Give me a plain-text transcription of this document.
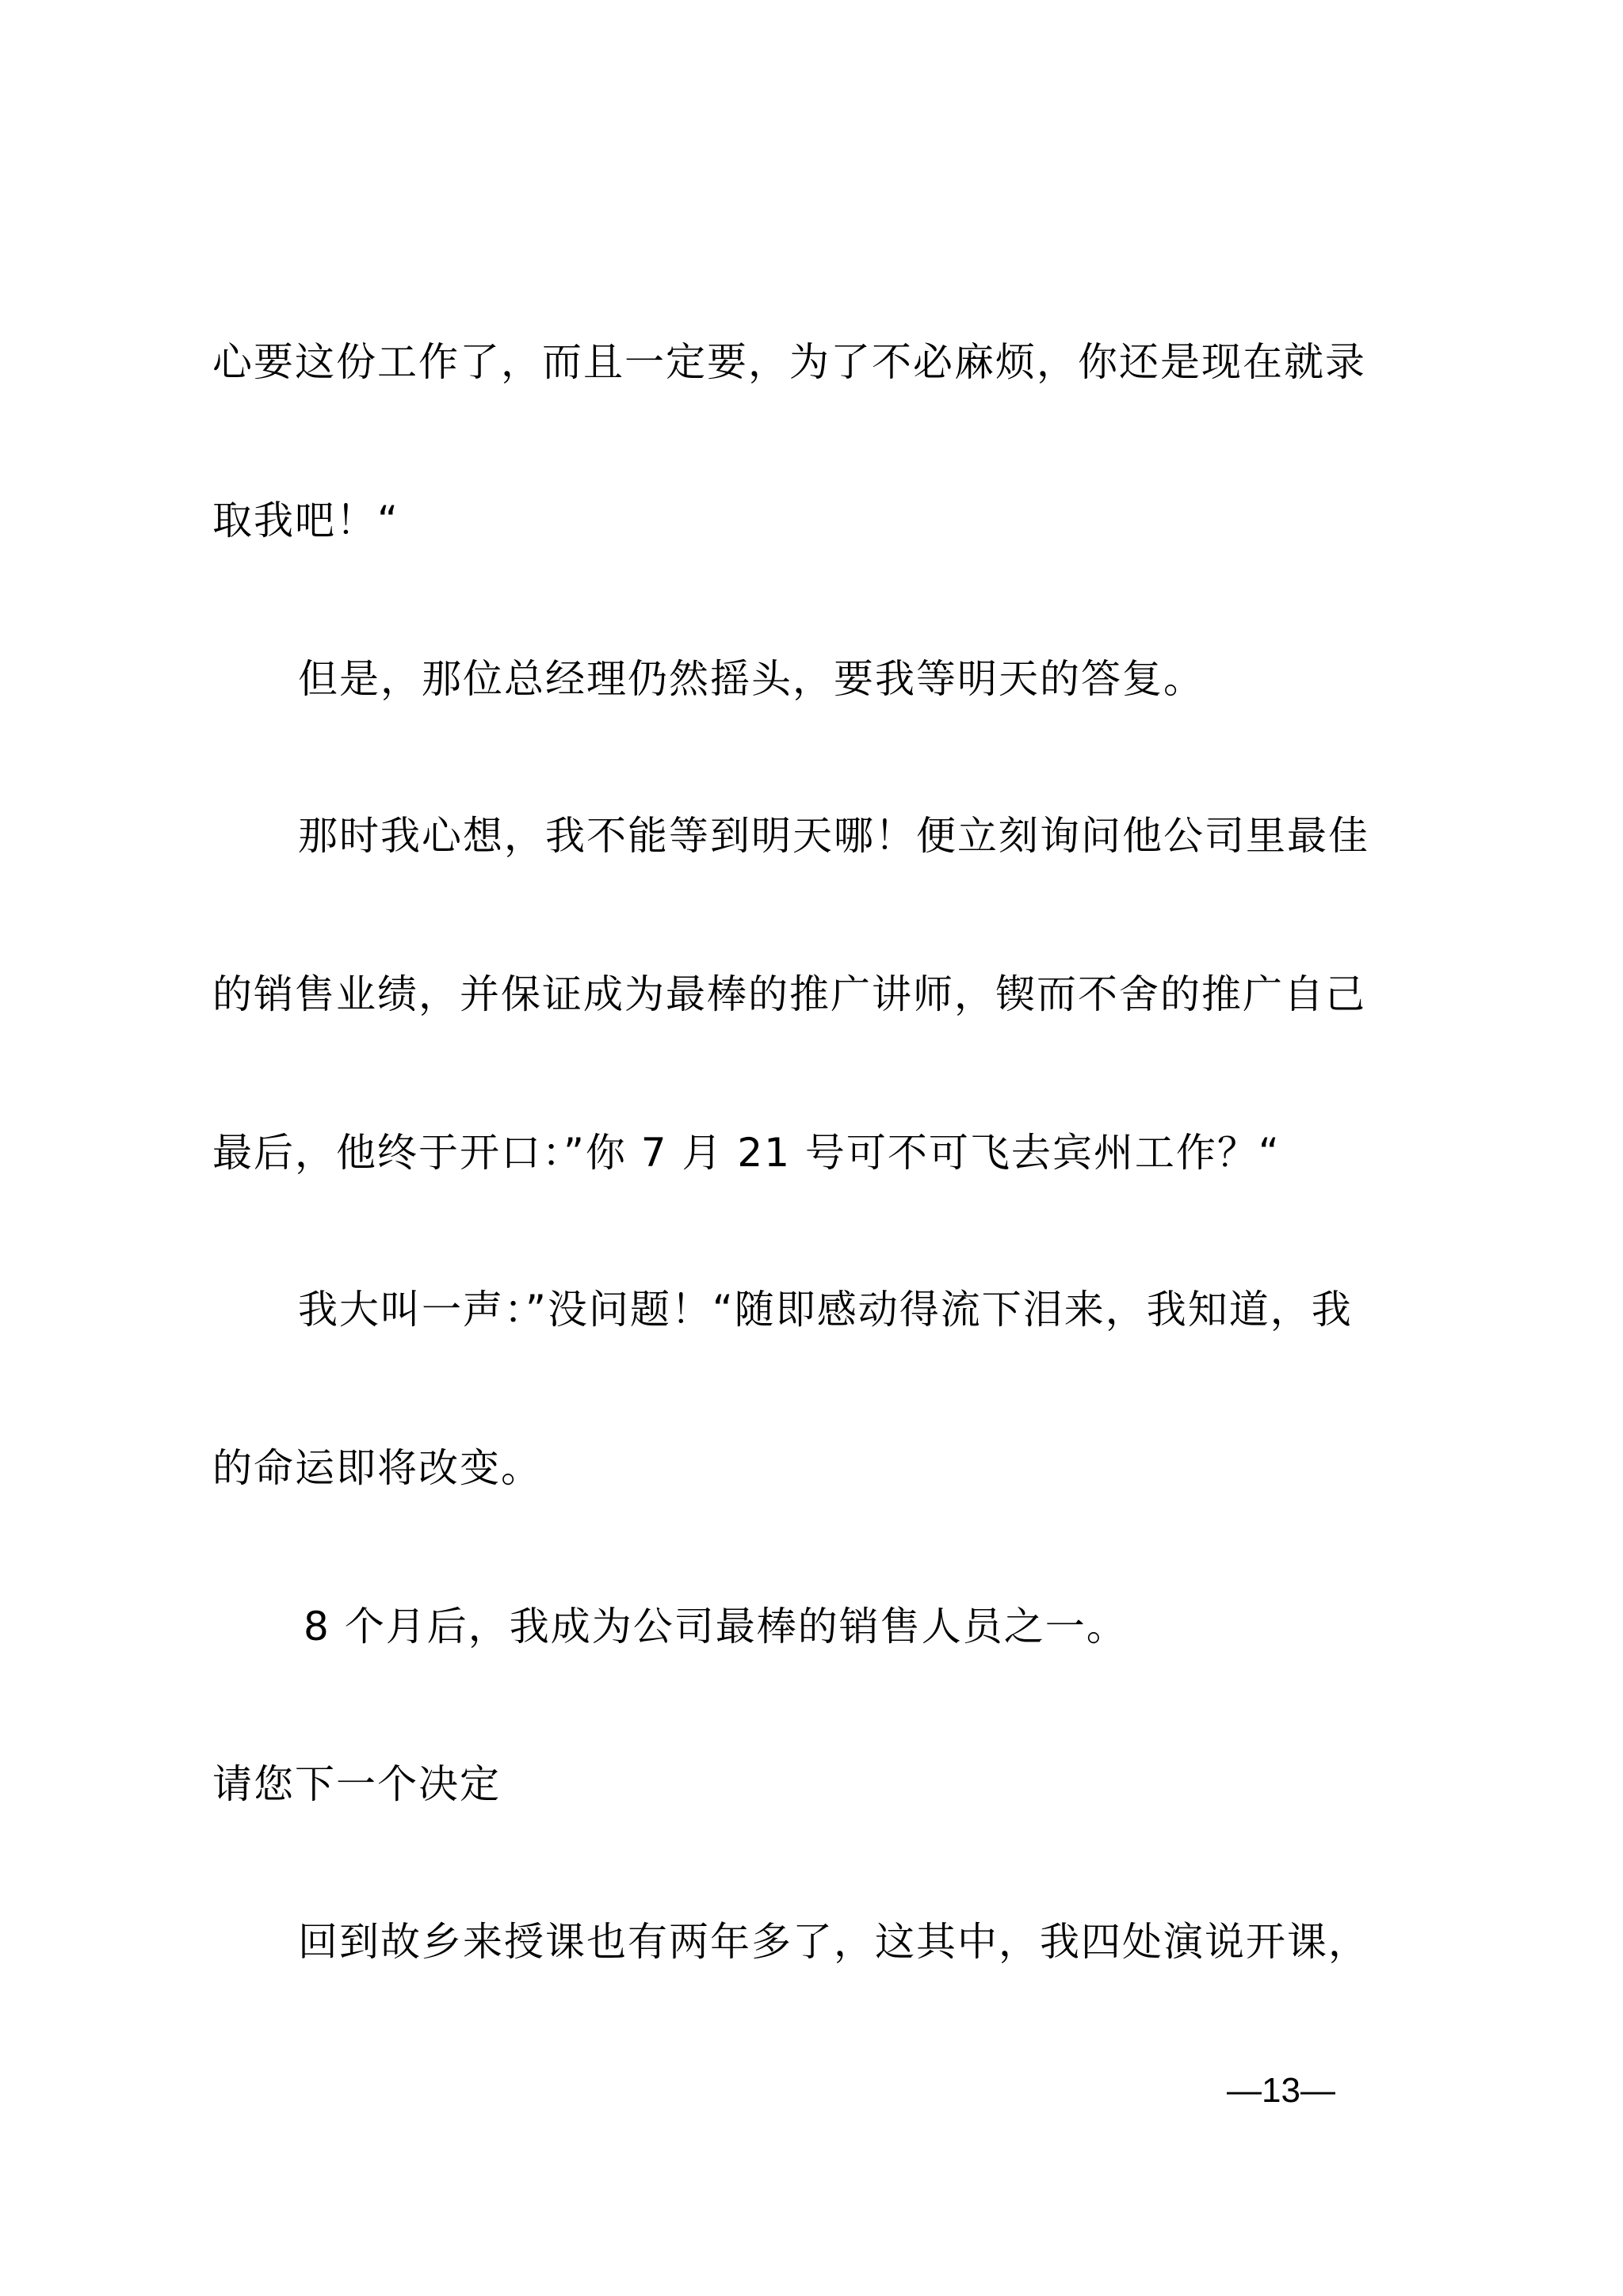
心要这份工作了，而且一定要，为了不必麻烦，你还是现在就录
取我吧！“
但是，那位总经理仍然摇头，要我等明天的答复。
那时我心想，我不能等到明天哪！便立刻询问他公司里最佳
的销售业绩，并保证成为最棒的推广讲师，锲而不舍的推广自己
最后，他终于开口：”你 7 月 21 号可不可飞去宾州工作？“
我大叫一声：”没问题！“随即感动得流下泪来，我知道，我
的命运即将改变。
8 个月后，我成为公司最棒的销售人员之一。
请您下一个决定
回到故乡来授课也有两年多了，这其中，我四处演说开课，
—13—
